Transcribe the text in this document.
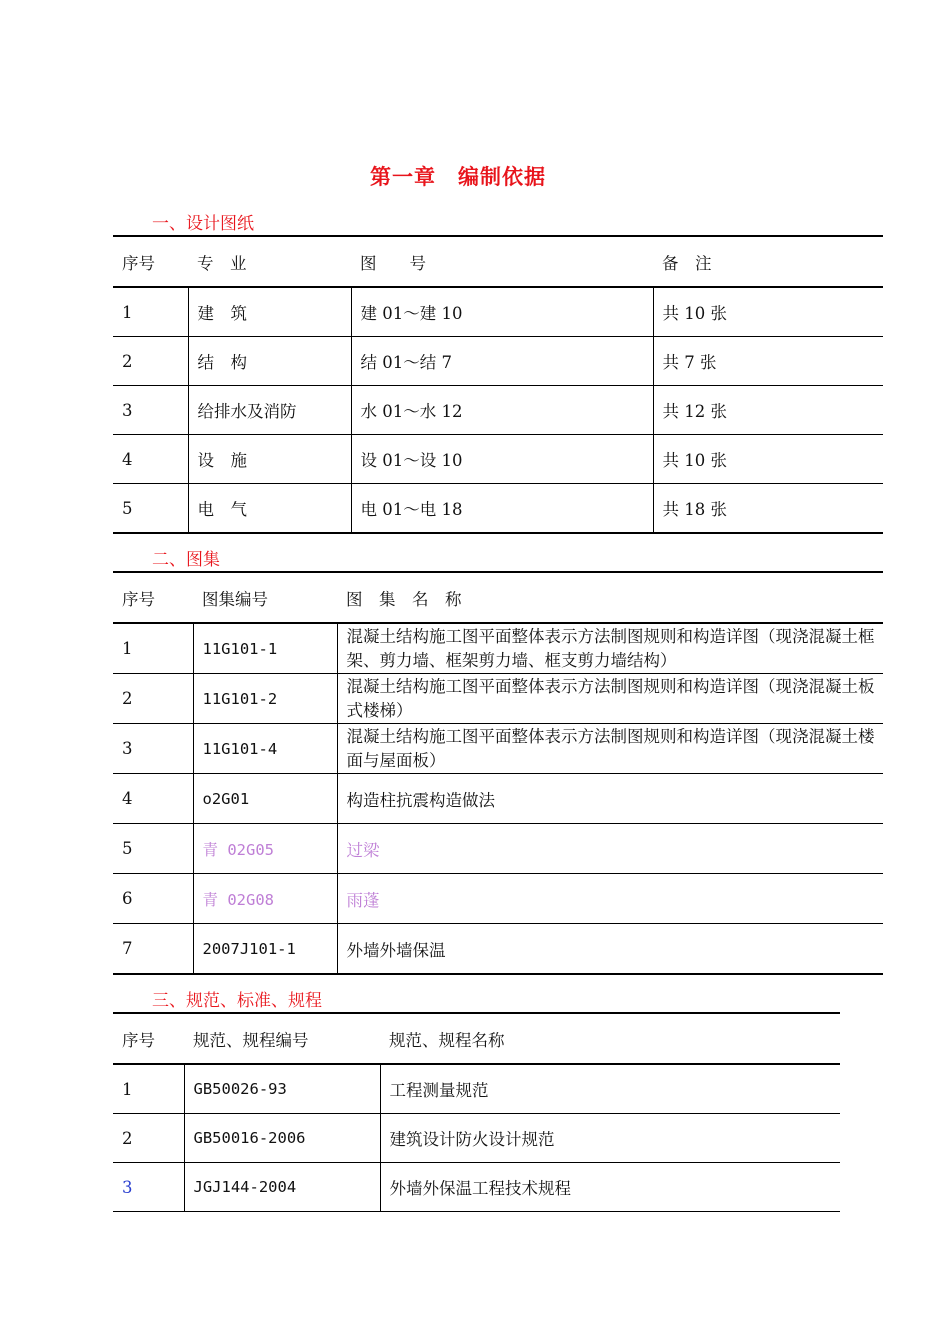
第一章　编制依据
一、设计图纸
序号	专　业	图　　号	备　注
1	建　筑	建 01～建 10	共 10 张
2	结　构	结 01～结 7	共 7 张
3	给排水及消防	水 01～水 12	共 12 张
4	设　施	设 01～设 10	共 10 张
5	电　气	电 01～电 18	共 18 张
二、图集
序号	图集编号	图　集　名　称
1	11G101-1	混凝土结构施工图平面整体表示方法制图规则和构造详图（现浇混凝土框架、剪力墙、框架剪力墙、框支剪力墙结构）
2	11G101-2	混凝土结构施工图平面整体表示方法制图规则和构造详图（现浇混凝土板式楼梯）
3	11G101-4	混凝土结构施工图平面整体表示方法制图规则和构造详图（现浇混凝土楼面与屋面板）
4	o2G01	构造柱抗震构造做法
5	青 02G05	过梁
6	青 02G08	雨蓬
7	2007J101-1	外墙外墙保温
三、规范、标准、规程
序号	规范、规程编号	规范、规程名称
1	GB50026-93	工程测量规范
2	GB50016-2006	建筑设计防火设计规范
3	JGJ144-2004	外墙外保温工程技术规程
